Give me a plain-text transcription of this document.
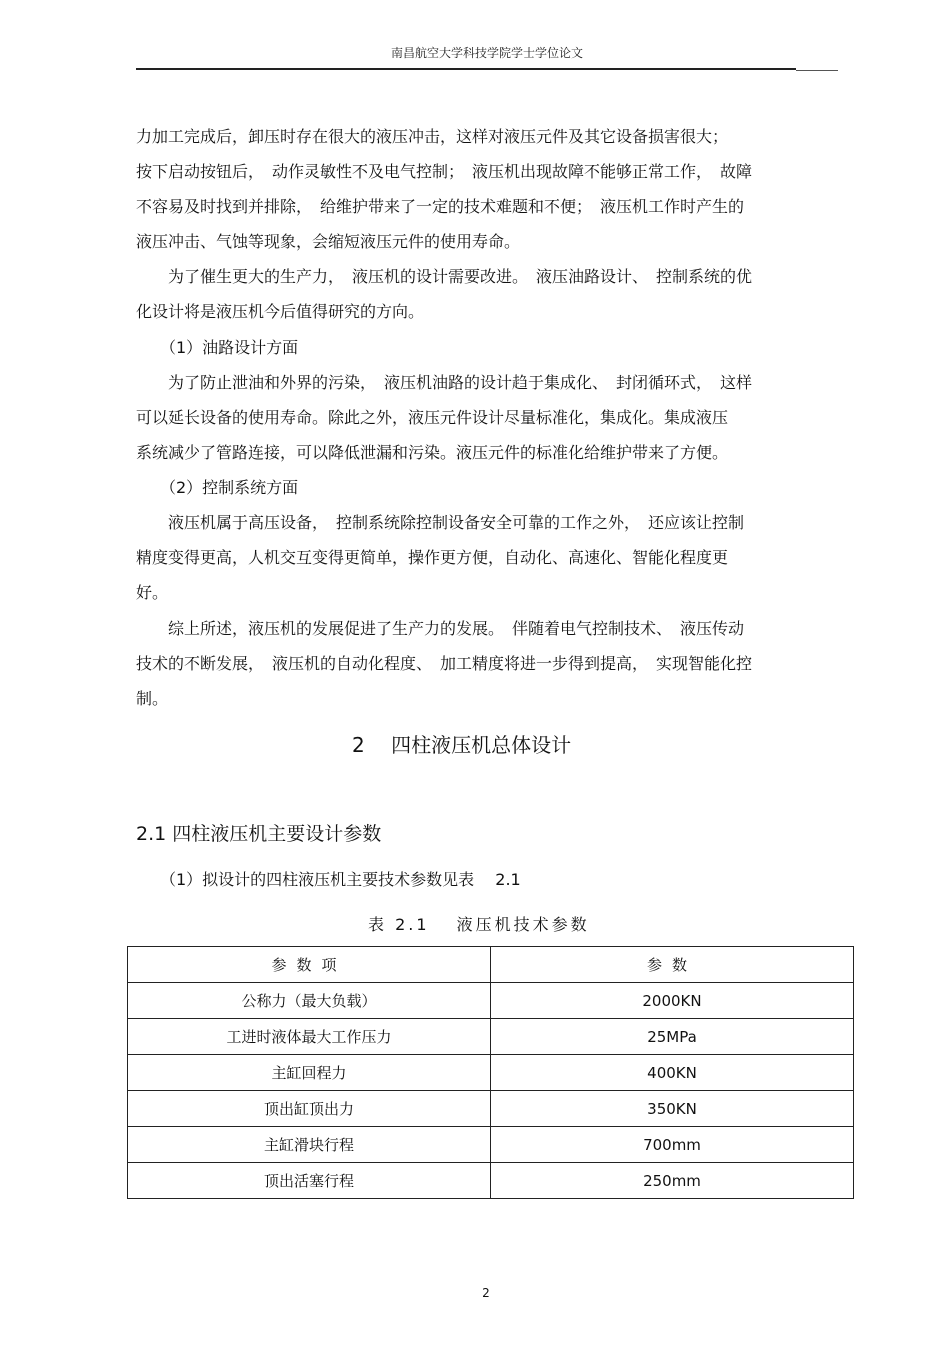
南昌航空大学科技学院学士学位论文
力加工完成后，卸压时存在很大的液压冲击，这样对液压元件及其它设备损害很大；
按下启动按钮后，　动作灵敏性不及电气控制；　液压机出现故障不能够正常工作，　故障
不容易及时找到并排除，　给维护带来了一定的技术难题和不便；　液压机工作时产生的
液压冲击、气蚀等现象，会缩短液压元件的使用寿命。
　　为了催生更大的生产力，　液压机的设计需要改进。　液压油路设计、　控制系统的优
化设计将是液压机今后值得研究的方向。
　　（1）油路设计方面
　　为了防止泄油和外界的污染，　液压机油路的设计趋于集成化、　封闭循环式，　这样
可以延长设备的使用寿命。除此之外，液压元件设计尽量标准化，集成化。集成液压
系统减少了管路连接，可以降低泄漏和污染。液压元件的标准化给维护带来了方便。
　　（2）控制系统方面
　　液压机属于高压设备，　控制系统除控制设备安全可靠的工作之外，　还应该让控制
精度变得更高，人机交互变得更简单，操作更方便，自动化、高速化、智能化程度更
好。
　　综上所述，液压机的发展促进了生产力的发展。　伴随着电气控制技术、　液压传动
技术的不断发展，　液压机的自动化程度、　加工精度将进一步得到提高，　实现智能化控
制。
2　 四柱液压机总体设计
2.1 四柱液压机主要设计参数
　　（1）拟设计的四柱液压机主要技术参数见表　 2.1
表 2.1　 液压机技术参数
参数项	参数
公称力（最大负载）	2000KN
工进时液体最大工作压力	25MPa
主缸回程力	400KN
顶出缸顶出力	350KN
主缸滑块行程	700mm
顶出活塞行程	250mm
2
